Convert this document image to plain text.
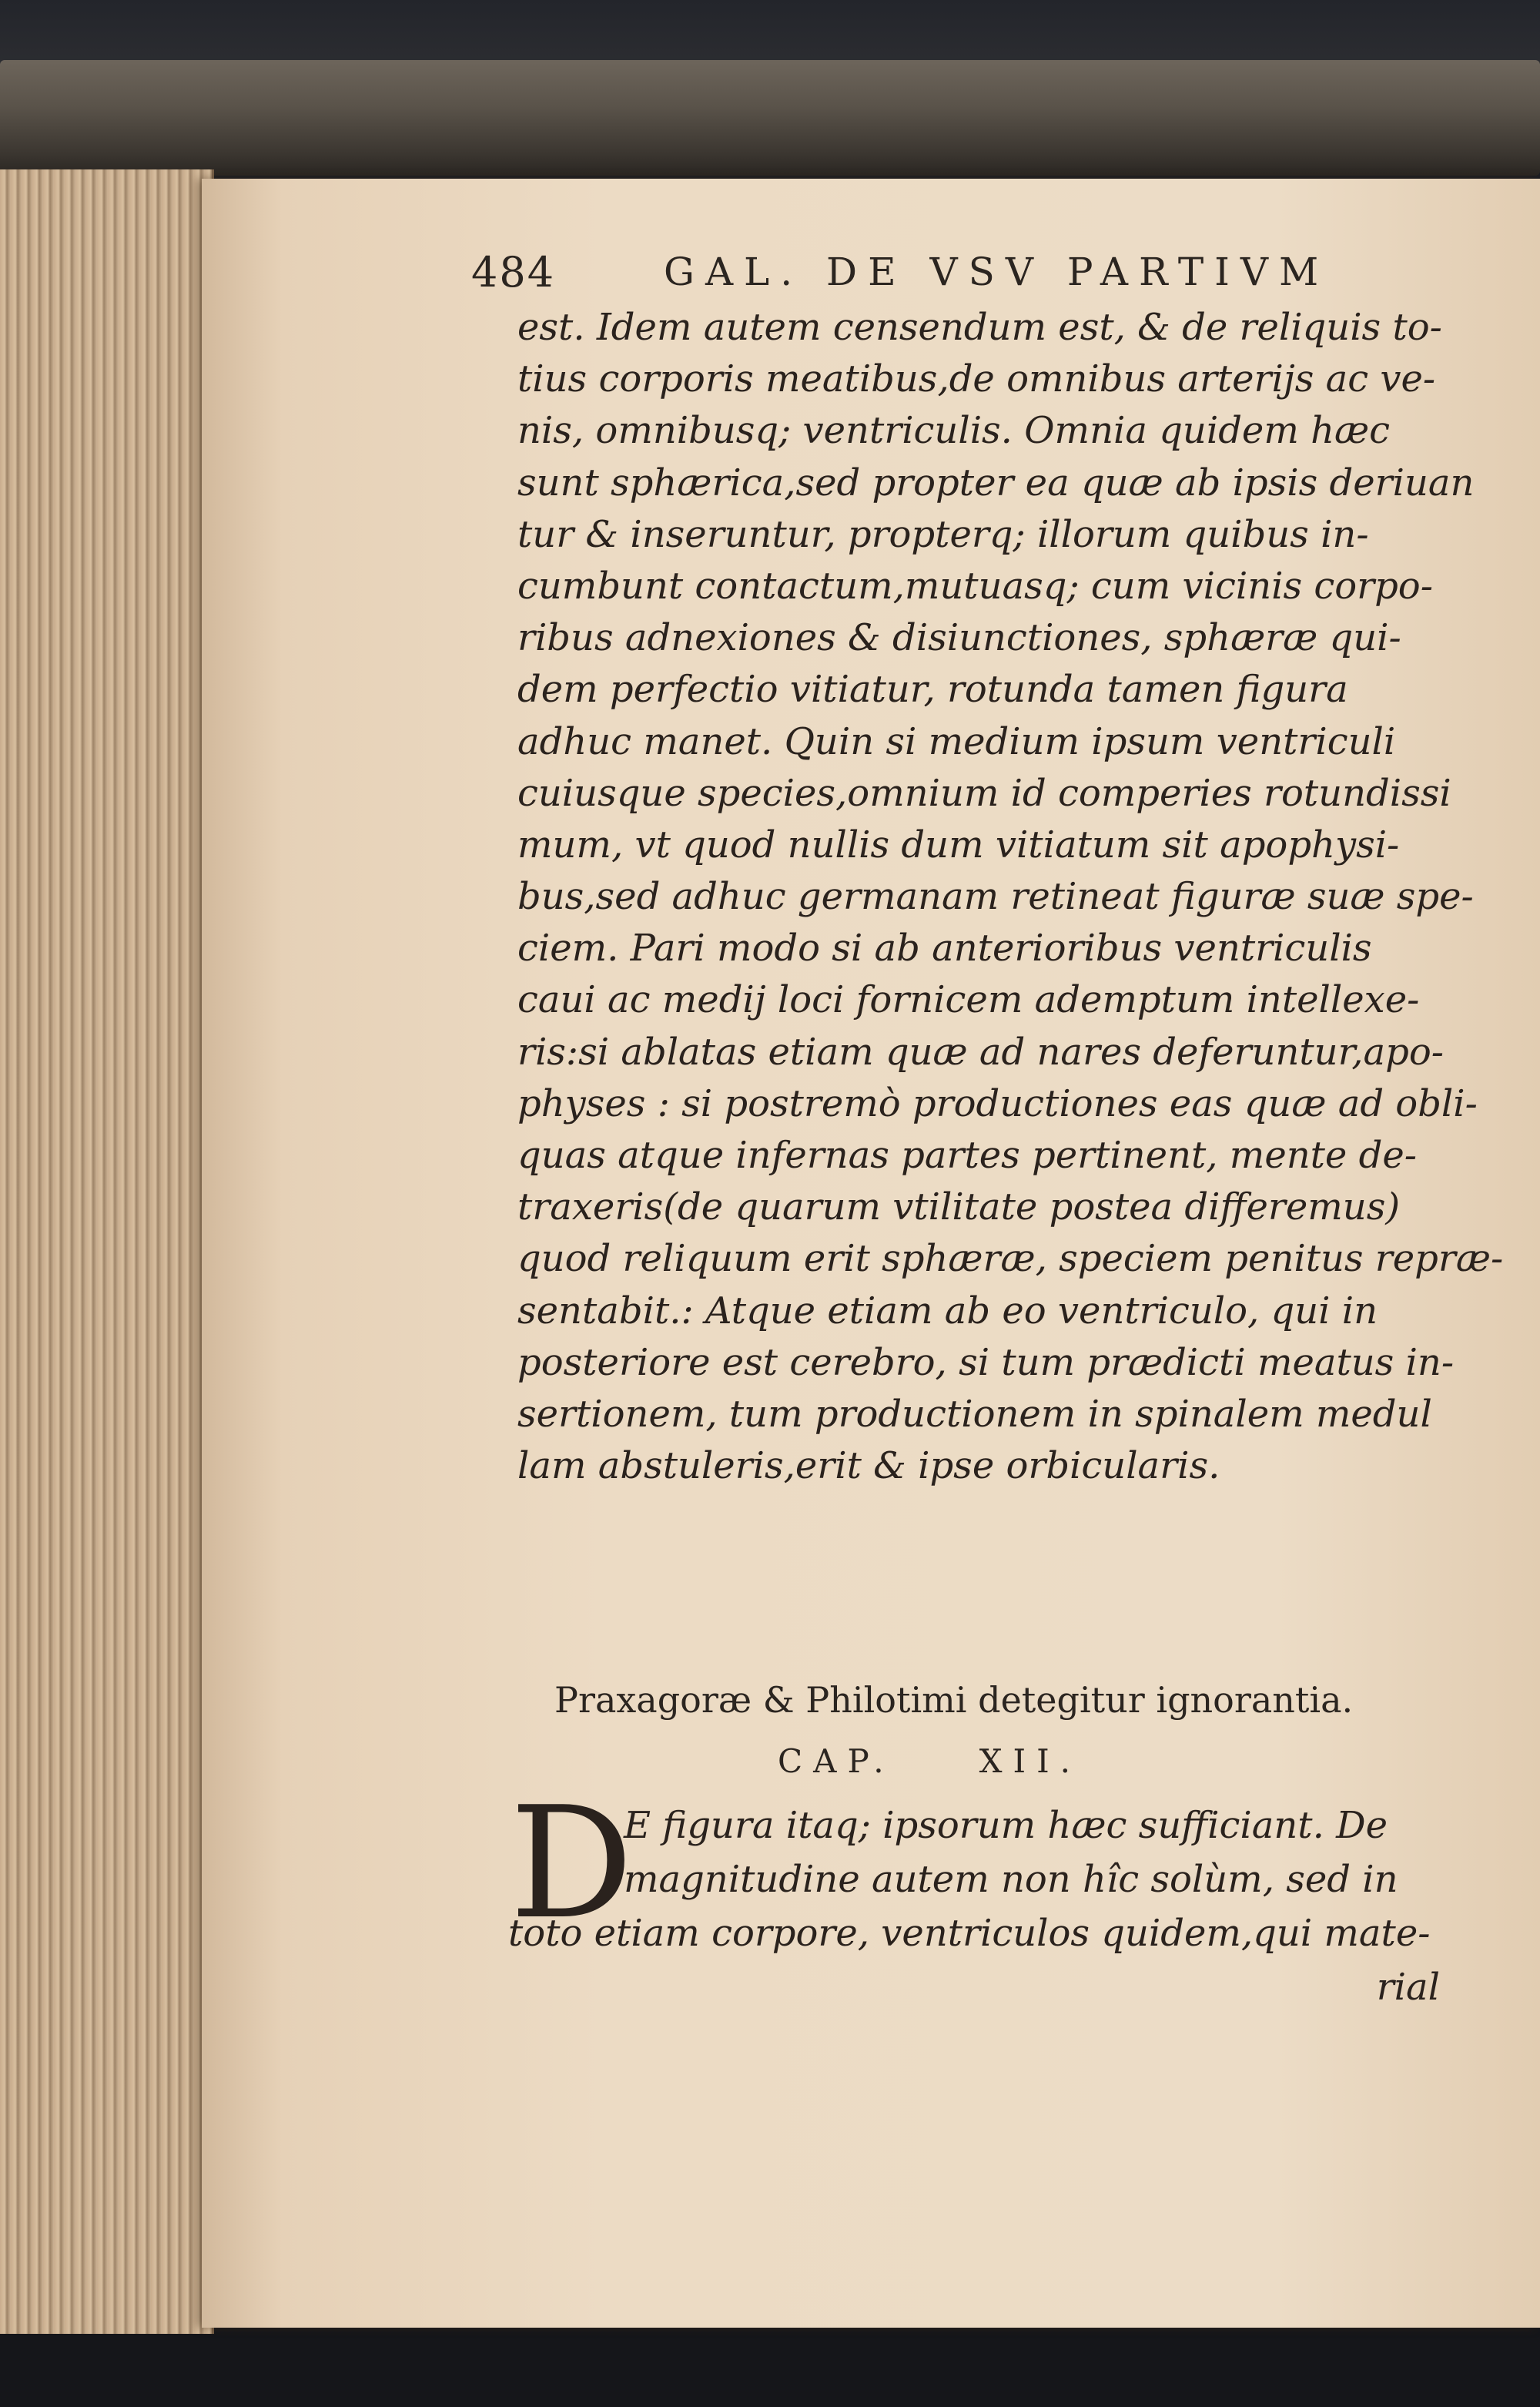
484	GAL. DE VSV PARTIVM
est. Idem autem censendum est, & de reliquis to-
tius corporis meatibus,de omnibus arterijs ac ve-
nis, omnibusq; ventriculis. Omnia quidem hæc
sunt sphærica,sed propter ea quæ ab ipsis deriuan
tur & inseruntur, propterq; illorum quibus in-
cumbunt contactum,mutuasq; cum vicinis corpo-
ribus adnexiones & disiunctiones, sphæræ qui-
dem perfectio vitiatur, rotunda tamen figura
adhuc manet. Quin si medium ipsum ventriculi
cuiusque species,omnium id comperies rotundissi
mum, vt quod nullis dum vitiatum sit apophysi-
bus,sed adhuc germanam retineat figuræ suæ spe-
ciem. Pari modo si ab anterioribus ventriculis
caui ac medij loci fornicem ademptum intellexe-
ris:si ablatas etiam quæ ad nares deferuntur,apo-
physes : si postremò productiones eas quæ ad obli-
quas atque infernas partes pertinent, mente de-
traxeris(de quarum vtilitate postea differemus)
quod reliquum erit sphæræ, speciem penitus repræ-
sentabit.: Atque etiam ab eo ventriculo, qui in
posteriore est cerebro, si tum prædicti meatus in-
sertionem, tum productionem in spinalem medul
lam abstuleris,erit & ipse orbicularis.
Praxagoræ & Philotimi detegitur ignorantia.
CAP.	XII.
D
E figura itaq; ipsorum hæc sufficiant. De
magnitudine autem non hîc solùm, sed in
toto etiam corpore, ventriculos quidem,qui mate-
rial
